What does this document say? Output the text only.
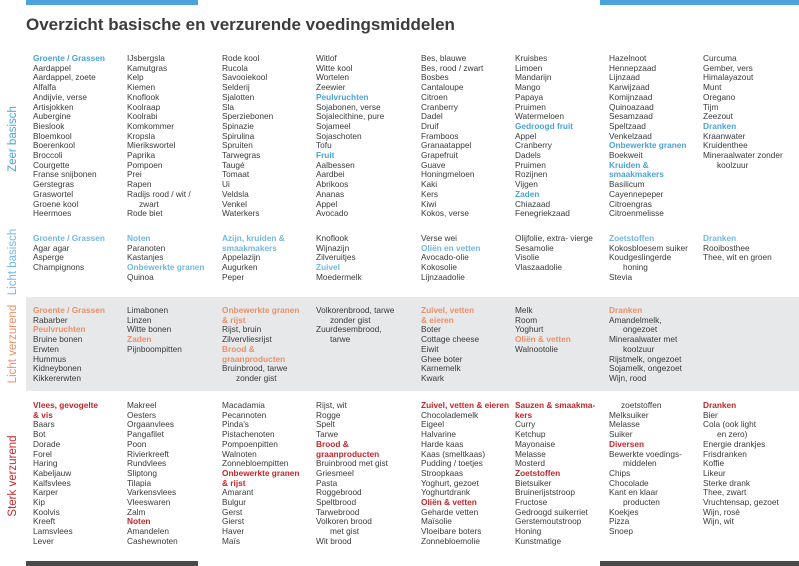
Overzicht basische en verzurende voedingsmiddelen
Zeer basisch
Groente / Grassen
Aardappel
Aardappel, zoete
Alfalfa
Andijvie, verse
Artisjokken
Aubergine
Bieslook
Bloemkool
Boerenkool
Broccoli
Courgette
Franse snijbonen
Gerstegras
Graswortel
Groene kool
Heermoes
IJsbergsla
Kamutgras
Kelp
Kiemen
Knoflook
Koolraap
Koolrabi
Komkommer
Kropsla
Mierikswortel
Paprika
Pompoen
Prei
Rapen
Radijs rood / wit /
zwart
Rode biet
Rode kool
Rucola
Savooiekool
Selderij
Sjalotten
Sla
Sperziebonen
Spinazie
Spirulina
Spruiten
Tarwegras
Taugé
Tomaat
Ui
Veldsla
Venkel
Waterkers
Witlof
Witte kool
Wortelen
Zeewier
Peulvruchten
Sojabonen, verse
Sojalecithine, pure
Sojameel
Sojaschoten
Tofu
Fruit
Aalbessen
Aardbei
Abrikoos
Ananas
Appel
Avocado
Bes, blauwe
Bes, rood / zwart
Bosbes
Cantaloupe
Citroen
Cranberry
Dadel
Druif
Framboos
Granaatappel
Grapefruit
Guave
Honingmeloen
Kaki
Kers
Kiwi
Kokos, verse
Kruisbes
Limoen
Mandarijn
Mango
Papaya
Pruimen
Watermeloen
Gedroogd fruit
Appel
Cranberry
Dadels
Pruimen
Rozijnen
Vijgen
Zaden
Chiazaad
Fenegriekzaad
Hazelnoot
Hennepzaad
Lijnzaad
Karwijzaad
Komijnzaad
Quinoazaad
Sesamzaad
Speltzaad
Venkelzaad
Onbewerkte granen
Boekweit
Kruiden &
smaakmakers
Basilicum
Cayennepeper
Citroengras
Citroenmelisse
Curcuma
Gember, vers
Himalayazout
Munt
Oregano
Tijm
Zeezout
Dranken
Kraanwater
Kruidenthee
Mineraalwater zonder
koolzuur
Licht basisch Groente / Grassen
Agar agar
Asperge
Champignons
Noten
Paranoten
Kastanjes
Onbewerkte granen
Quinoa
Azijn, kruiden &
smaakmakers
Appelazijn
Augurken
Peper
Knoflook
Wijnazijn
Zilveruitjes
Zuivel
Moedermelk
Verse wei
Oliën en vetten
Avocado-olie
Kokosolie
Lijnzaadolie
Olijfolie, extra- vierge
Sesamolie
Visolie
Vlaszaadolie
Zoetstoffen
Kokosbloesem suiker
Koudgeslingerde
honing
Stevia
Dranken
Rooibosthee
Thee, wit en groen
Licht verzurend Groente / Grassen
Rabarber
Peulvruchten
Bruine bonen
Erwten
Hummus
Kidneybonen
Kikkererwten
Limabonen
Linzen
Witte bonen
Zaden
Pijnboompitten
Onbewerkte granen
& rijst
Rijst, bruin
Zilvervliesrijst
Brood &
graanproducten
Bruinbrood, tarwe
zonder gist
Volkorenbrood, tarwe
zonder gist
Zuurdesembrood,
tarwe
Zuivel, vetten
& eieren
Boter
Cottage cheese
Eiwit
Ghee boter
Karnemelk
Kwark
Melk
Room
Yoghurt
Oliën & vetten
Walnootolie
Dranken
Amandelmelk,
ongezoet
Mineraalwater met
koolzuur
Rijstmelk, ongezoet
Sojamelk, ongezoet
Wijn, rood
Sterk verzurend
Vlees, gevogelte
& vis
Baars
Bot
Dorade
Forel
Haring
Kabeljauw
Kalfsvlees
Karper
Kip
Koolvis
Kreeft
Lamsvlees
Lever
Makreel
Oesters
Orgaanvlees
Pangafilet
Poon
Rivierkreeft
Rundvlees
Sliptong
Tilapia
Varkensvlees
Vleeswaren
Zalm
Noten
Amandelen
Cashewnoten
Macadamia
Pecannoten
Pinda's
Pistachenoten
Pompoenpitten
Walnoten
Zonnebloempitten
Onbewerkte granen
& rijst
Amarant
Bulgur
Gerst
Gierst
Haver
Maïs
Rijst, wit
Rogge
Spelt
Tarwe
Brood &
graanproducten
Bruinbrood met gist
Griesmeel
Pasta
Roggebrood
Speltbrood
Tarwebrood
Volkoren brood
met gist
Wit brood
Zuivel, vetten & eieren
Chocolademelk
Eigeel
Halvarine
Harde kaas
Kaas (smeltkaas)
Pudding / toetjes
Stroopkaas
Yoghurt, gezoet
Yoghurtdrank
Oliën & vetten
Gehardе vetten
Maïsolie
Vloeibare boters
Zonnebloemolie
Sauzen & smaakma-
kers
Curry
Ketchup
Mayonaise
Melasse
Mosterd
Zoetstoffen
Bietsuiker
Bruinerijststroop
Fructose
Gedroogd suikerriet
Gerstemoutstroop
Honing
Kunstmatige
zoetstoffen
Melksuiker
Melasse
Suiker
Diversen
Bewerkte voedings-
middelen
Chips
Chocolade
Kant en klaar
producten
Koekjes
Pizza
Snoep
Dranken
Bier
Cola (ook light
en zero)
Energie drankjes
Frisdranken
Koffie
Likeur
Sterke drank
Thee, zwart
Vruchtensap, gezoet
Wijn, rosé
Wijn, wit
